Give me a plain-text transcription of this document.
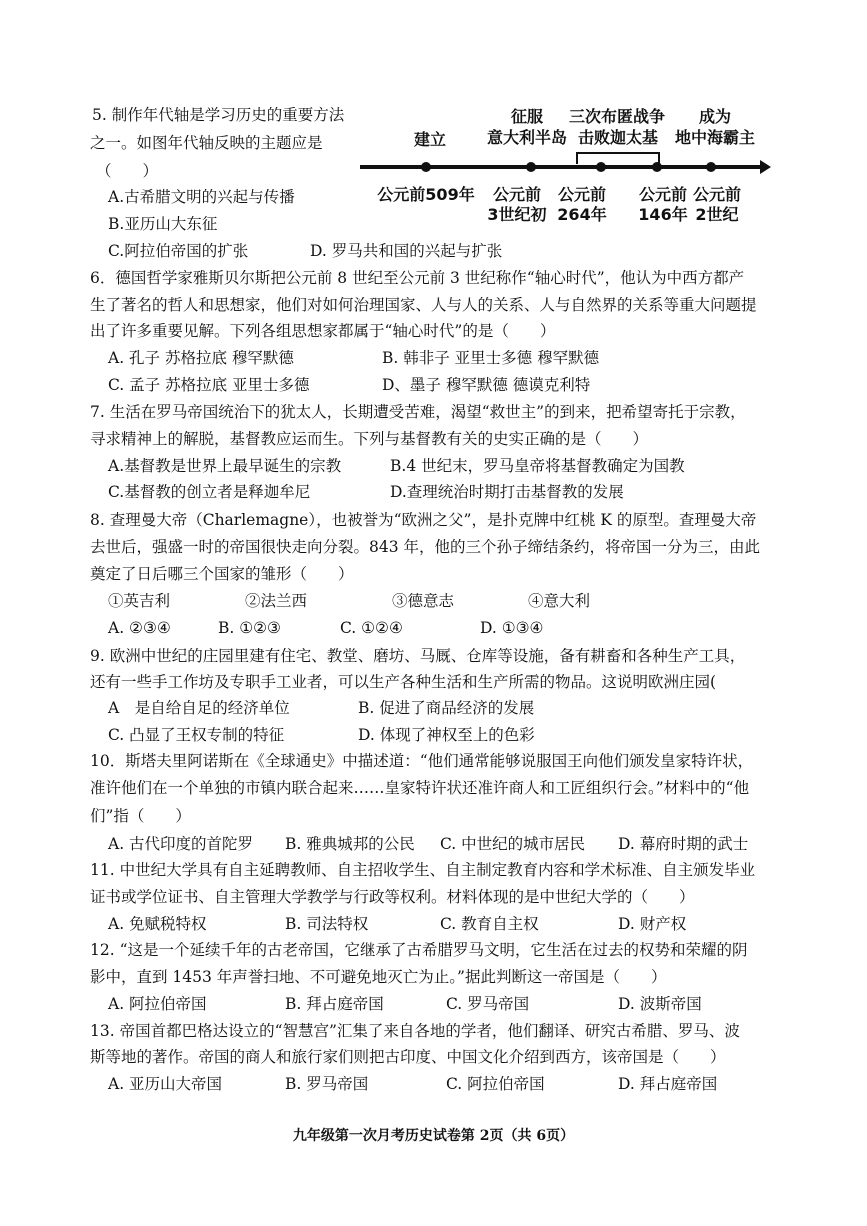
5. 制作年代轴是学习历史的重要方法
之一。如图年代轴反映的主题应是
（　　）
A.古希腊文明的兴起与传播
B.亚历山大东征
C.阿拉伯帝国的扩张	D. 罗马共和国的兴起与扩张
建立
征服
意大利半岛
三次布匿战争
击败迦太基
成为
地中海霸主
公元前509年	公元前
3世纪初
公元前
264年
公元前
146年
公元前
2世纪
6．德国哲学家雅斯贝尔斯把公元前 8 世纪至公元前 3 世纪称作“轴心时代”，他认为中西方都产
生了著名的哲人和思想家，他们对如何治理国家、人与人的关系、人与自然界的关系等重大问题提
出了许多重要见解。下列各组思想家都属于“轴心时代”的是（　　）
A. 孔子 苏格拉底 穆罕默德	B. 韩非子 亚里士多德 穆罕默德
C. 孟子 苏格拉底 亚里士多德	D、墨子 穆罕默德 德谟克利特
7. 生活在罗马帝国统治下的犹太人，长期遭受苦难，渴望“救世主”的到来，把希望寄托于宗教，
寻求精神上的解脱，基督教应运而生。下列与基督教有关的史实正确的是（　　）
A.基督教是世界上最早诞生的宗教	B.4 世纪末，罗马皇帝将基督教确定为国教
C.基督教的创立者是释迦牟尼	D.查理统治时期打击基督教的发展
8. 查理曼大帝（Charlemagne），也被誉为“欧洲之父”，是扑克牌中红桃 K 的原型。查理曼大帝
去世后，强盛一时的帝国很快走向分裂。843 年，他的三个孙子缔结条约，将帝国一分为三，由此
奠定了日后哪三个国家的雏形（　　）
①英吉利	②法兰西	③德意志	④意大利
A. ②③④	B. ①②③	C. ①②④	D. ①③④
9. 欧洲中世纪的庄园里建有住宅、教堂、磨坊、马厩、仓库等设施，备有耕畜和各种生产工具，
还有一些手工作坊及专职手工业者，可以生产各种生活和生产所需的物品。这说明欧洲庄园(
A　是自给自足的经济单位	B. 促进了商品经济的发展
C. 凸显了王权专制的特征	D. 体现了神权至上的色彩
10．斯塔夫里阿诺斯在《全球通史》中描述道：“他们通常能够说服国王向他们颁发皇家特许状，
准许他们在一个单独的市镇内联合起来……皇家特许状还准许商人和工匠组织行会。”材料中的“他
们”指（　　）
A. 古代印度的首陀罗 B. 雅典城邦的公民 C. 中世纪的城市居民 D. 幕府时期的武士
11. 中世纪大学具有自主延聘教师、自主招收学生、自主制定教育内容和学术标准、自主颁发毕业
证书或学位证书、自主管理大学教学与行政等权利。材料体现的是中世纪大学的（　　）
A. 免赋税特权	B. 司法特权	C. 教育自主权	D. 财产权
12. “这是一个延续千年的古老帝国，它继承了古希腊罗马文明，它生活在过去的权势和荣耀的阴
影中，直到 1453 年声誉扫地、不可避免地灭亡为止。”据此判断这一帝国是（　　）
A. 阿拉伯帝国	B. 拜占庭帝国	C. 罗马帝国	D. 波斯帝国
13. 帝国首都巴格达设立的“智慧宫”汇集了来自各地的学者，他们翻译、研究古希腊、罗马、波
斯等地的著作。帝国的商人和旅行家们则把古印度、中国文化介绍到西方，该帝国是（　　）
A. 亚历山大帝国	B. 罗马帝国	C. 阿拉伯帝国	D. 拜占庭帝国
九年级第一次月考历史试卷第 2页（共 6页）
